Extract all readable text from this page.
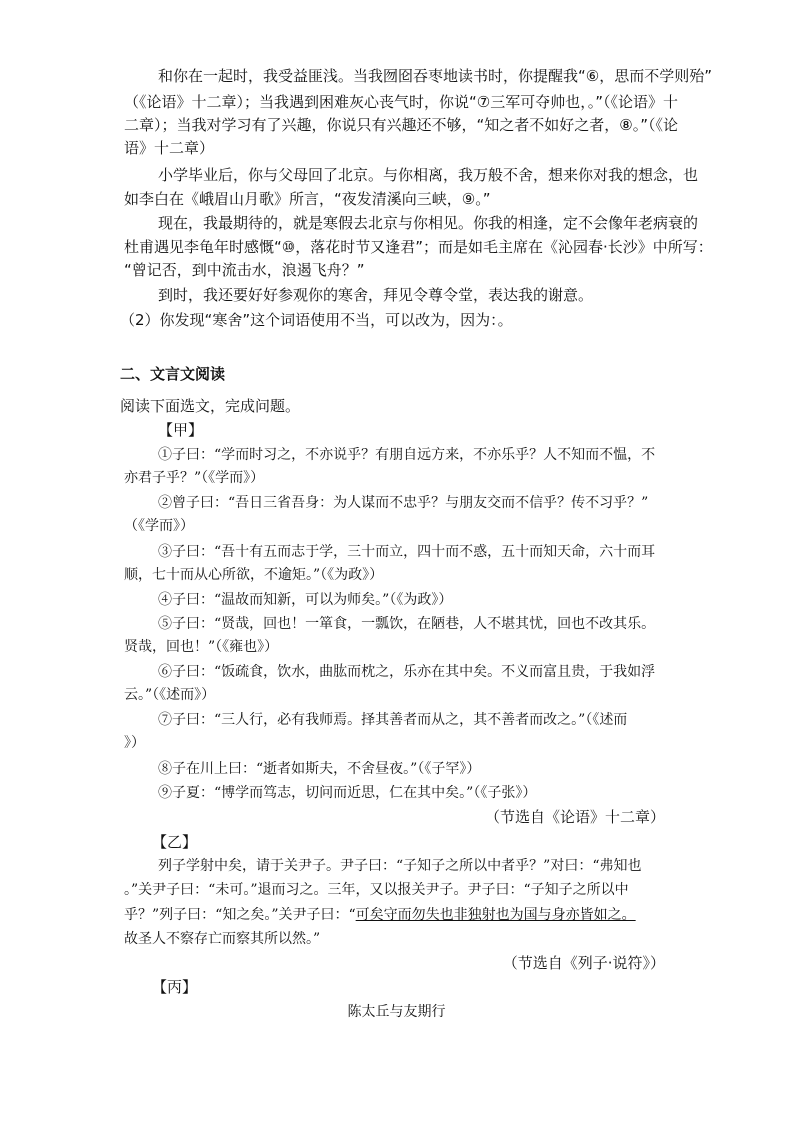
和你在一起时，我受益匪浅。当我囫囵吞枣地读书时，你提醒我“⑥，思而不学则殆”
（《论语》十二章）；当我遇到困难灰心丧气时，你说“⑦三军可夺帅也，。”（《论语》十
二章）；当我对学习有了兴趣，你说只有兴趣还不够，“知之者不如好之者，⑧。”（《论
语》十二章）
小学毕业后，你与父母回了北京。与你相离，我万般不舍，想来你对我的想念，也
如李白在《峨眉山月歌》所言，“夜发清溪向三峡，⑨。”
现在，我最期待的，就是寒假去北京与你相见。你我的相逢，定不会像年老病衰的
杜甫遇见李龟年时感慨“⑩，落花时节又逢君”；而是如毛主席在《沁园春·长沙》中所写：
“曾记否，到中流击水，浪遏飞舟？”
到时，我还要好好参观你的寒舍，拜见令尊令堂，表达我的谢意。
（2）你发现“寒舍”这个词语使用不当，可以改为，因为：。
二、文言文阅读
阅读下面选文，完成问题。
【甲】
①子曰：“学而时习之，不亦说乎？有朋自远方来，不亦乐乎？人不知而不愠，不
亦君子乎？”（《学而》）
②曾子曰：“吾日三省吾身：为人谋而不忠乎？与朋友交而不信乎？传不习乎？”
（《学而》）
③子曰：“吾十有五而志于学，三十而立，四十而不惑，五十而知天命，六十而耳
顺，七十而从心所欲，不逾矩。”（《为政》）
④子曰：“温故而知新，可以为师矣。”（《为政》）
⑤子曰：“贤哉，回也！一箪食，一瓢饮，在陋巷，人不堪其忧，回也不改其乐。
贤哉，回也！”（《雍也》）
⑥子曰：“饭疏食，饮水，曲肱而枕之，乐亦在其中矣。不义而富且贵，于我如浮
云。”（《述而》）
⑦子曰：“三人行，必有我师焉。择其善者而从之，其不善者而改之。”（《述而
》）
⑧子在川上曰：“逝者如斯夫，不舍昼夜。”（《子罕》）
⑨子夏：“博学而笃志，切问而近思，仁在其中矣。”（《子张》）
（节选自《论语》十二章）
【乙】
列子学射中矣，请于关尹子。尹子曰：“子知子之所以中者乎？”对曰：“弗知也
。”关尹子曰：“未可。”退而习之。三年，又以报关尹子。尹子曰：“子知子之所以中
乎？”列子曰：“知之矣。”关尹子曰：“可矣守而勿失也非独射也为国与身亦皆如之。
故圣人不察存亡而察其所以然。”
（节选自《列子·说符》）
【丙】
陈太丘与友期行
